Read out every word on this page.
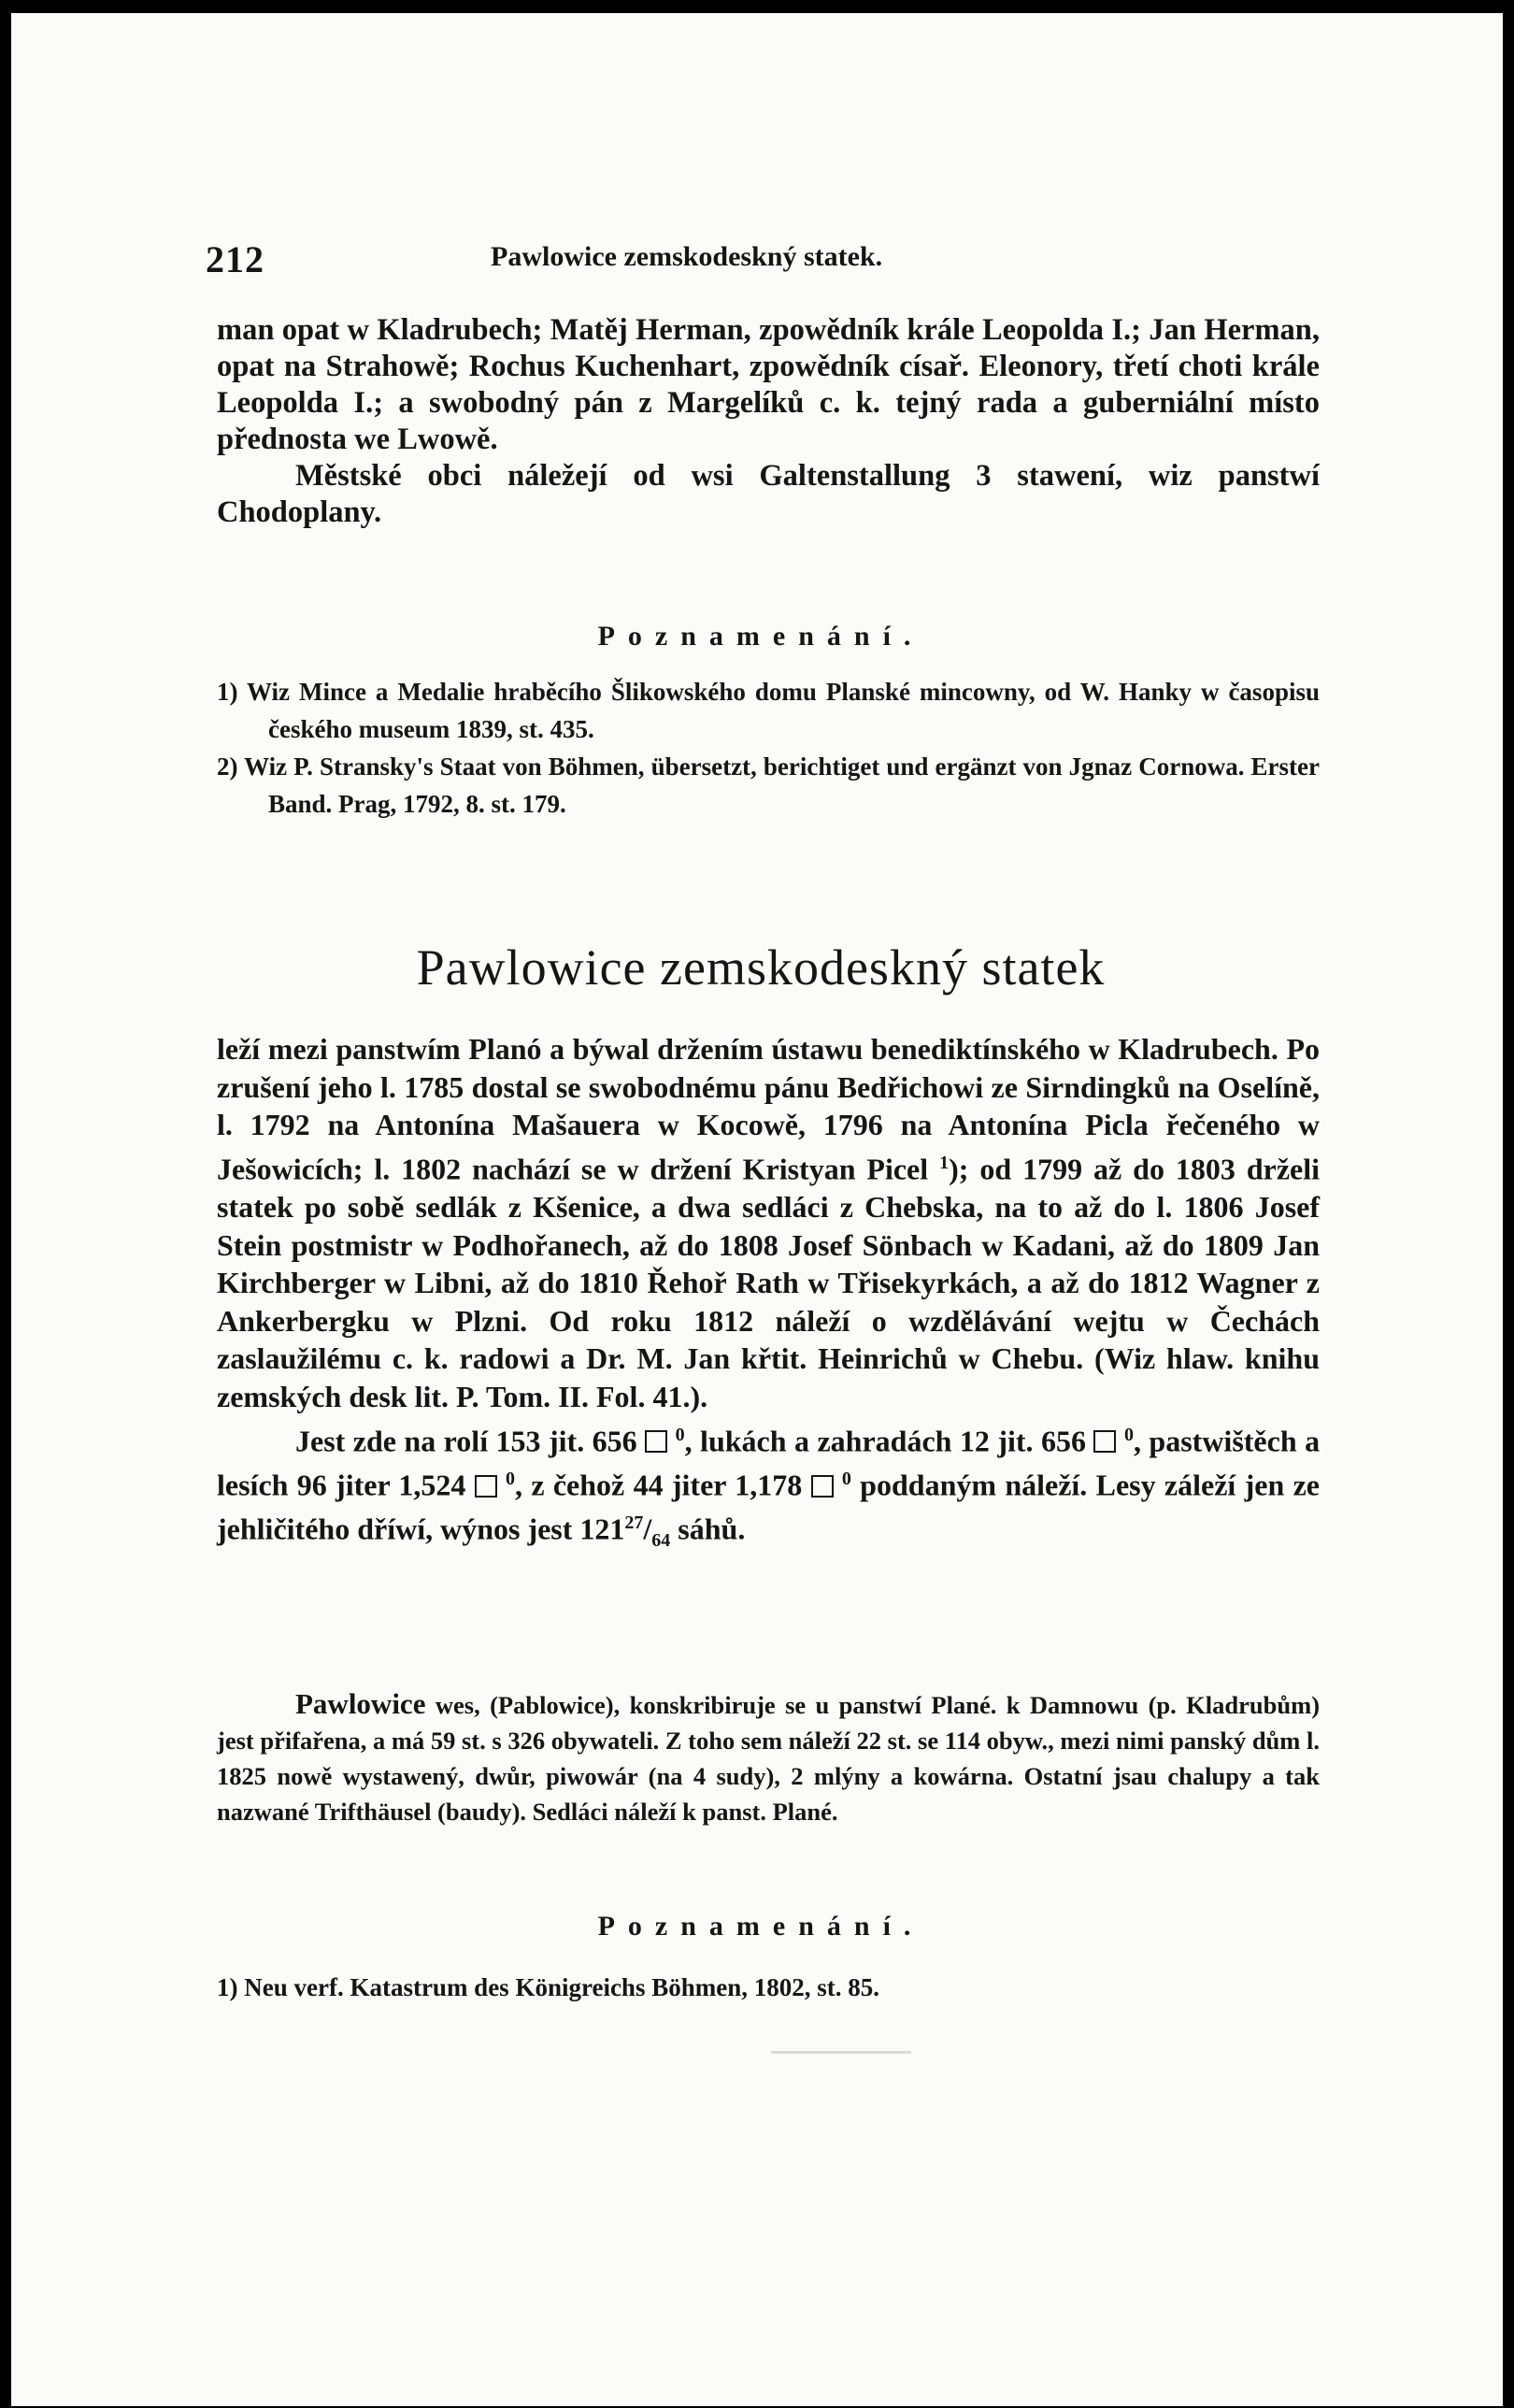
212	Pawlowice zemskodeskný statek.

man opat w Kladrubech; Matěj Herman, zpowědník krále Leopolda I.; Jan Herman, opat na Strahowě; Rochus Kuchenhart, zpowědník císař. Eleonory, třetí choti krále Leopolda I.; a swobodný pán z Margelíků c. k. tejný rada a guberniální místo přednosta we Lwowě.

Městské obci náležejí od wsi Galtenstallung 3 stawení, wiz panstwí Chodoplany.

Poznamenání.

1) Wiz Mince a Medalie hraběcího Šlikowského domu Planské mincowny, od W. Hanky w časopisu českého museum 1839, st. 435.

2) Wiz P. Stransky's Staat von Böhmen, übersetzt, berichtiget und ergänzt von Jgnaz Cornowa. Erster Band. Prag, 1792, 8. st. 179.

Pawlowice zemskodeskný statek

leží mezi panstwím Planó a býwal držením ústawu benediktínského w Kladrubech. Po zrušení jeho l. 1785 dostal se swobodnému pánu Bedřichowi ze Sirndingků na Oselíně, l. 1792 na Antonína Mašauera w Kocowě, 1796 na Antonína Picla řečeného w Ješowicích; l. 1802 nachází se w držení Kristyan Picel $^1$); od 1799 až do 1803 drželi statek po sobě sedlák z Kšenice, a dwa sedláci z Chebska, na to až do l. 1806 Josef Stein postmistr w Podhořanech, až do 1808 Josef Sönbach w Kadani, až do 1809 Jan Kirchberger w Libni, až do 1810 Řehoř Rath w Třisekyrkách, a až do 1812 Wagner z Ankerbergku w Plzni. Od roku 1812 náleží o wzdělávání wejtu w Čechách zaslaužilému c. k. radowi a Dr. M. Jan křtit. Heinrichů w Chebu. (Wiz hlaw. knihu zemských desk lit. P. Tom. II. Fol. 41.).

Jest zde na rolí 153 jit. 656 $^0$, lukách a zahradách 12 jit. 656 $^0$, pastwištěch a lesích 96 jiter 1,524 $^0$, z čehož 44 jiter 1,178 $^0$ poddaným náleží. Lesy záleží jen ze jehličitého dříwí, wýnos jest $121^{27}/_{64}$ sáhů.

Pawlowice wes, (Pablowice), konskribiruje se u panstwí Plané. k Damnowu (p. Kladrubům) jest přifařena, a má 59 st. s 326 obywateli. Z toho sem náleží 22 st. se 114 obyw., mezi nimi panský dům l. 1825 nowě wystawený, dwůr, piwowár (na 4 sudy), 2 mlýny a kowárna. Ostatní jsau chalupy a tak nazwané Trifthäusel (baudy). Sedláci náleží k panst. Plané.

Poznamenání.

1) Neu verf. Katastrum des Königreichs Böhmen, 1802, st. 85.
